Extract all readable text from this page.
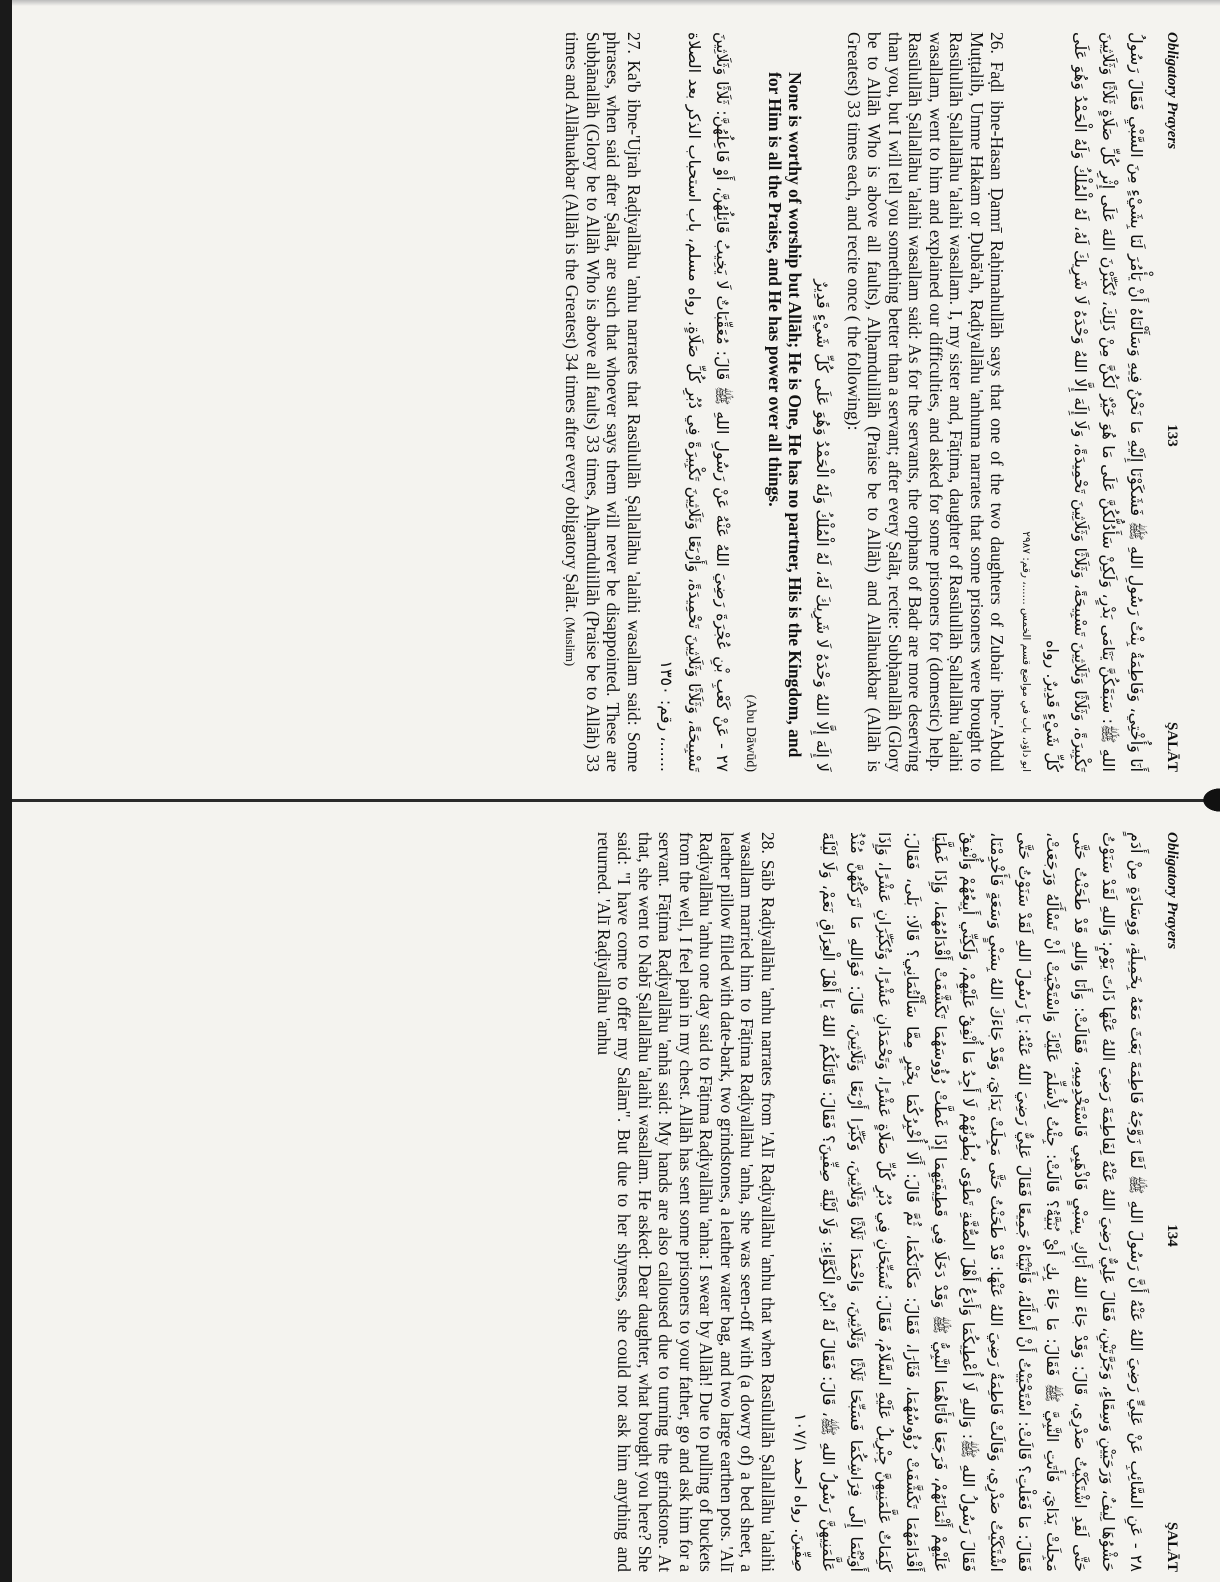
Obligatory Prayers
133
ŞALĀT
أَنَا وَأُخْتِي، وَفَاطِمَةُ بِنْتُ رَسُولِ اللهِ ﷺ فَشَكَوْنَا إِلَيْهِ مَا نَحْنُ فِيهِ وَسَأَلْنَاهُ أَنْ يَأْمُرَ لَنَا بِشَيْءٍ مِنَ السَّبْيِ فَقَالَ رَسُولُ اللهِ ﷺ: سَبَقَكُنَّ يَتَامَى بَدْرٍ، وَلَكِنْ سَأَدُلُّكُنَّ عَلَى مَا هُوَ خَيْرٌ لَكُنَّ مِنْ ذَلِكَ، تُكَبِّرْنَ اللهَ عَلَى إِثْرِ كُلِّ صَلَاةٍ ثَلَاثًا وَثَلَاثِينَ تَكْبِيرَةً، وَثَلَاثًا وَثَلَاثِينَ تَسْبِيحَةً، وَثَلَاثًا وَثَلَاثِينَ تَحْمِيدَةً، وَلَا إِلَهَ إِلَّا اللهُ وَحْدَهُ لَا شَرِيكَ لَهُ، لَهُ الْمُلْكُ وَلَهُ الْحَمْدُ وَهُوَ عَلَى كُلِّ شَيْءٍ قَدِيرٌ. رواه
ابو داؤد، باب في مواضع قسم الخمس ......، رقم: ٢٩٨٧
26. Faḍl ibne-Hasan Ḍamrī Raḥimahullāh says that one of the two daughters of Zubair ibne-'Abdul Muṭṭalib, Umme Hakam or Ḍubā'ah, Raḍiyallāhu 'anhuma narrates that some prisoners were brought to Rasūlullāh Ṣallallāhu 'alaihi wasallam. I, my sister and, Fāṭima, daughter of Rasūlullāh Ṣallallāhu 'alaihi wasallam, went to him and explained our difficulties, and asked for some prisoners for (domestic) help. Rasūlullāh Ṣallallāhu 'alaihi wasallam said: As for the servants, the orphans of Badr are more deserving than you, but I will tell you something better than a servant; after every Ṣalāt, recite: Subḥānallāh (Glory be to Allāh Who is above all faults), Alḥamdulillāh (Praise be to Allāh) and Allāhuakbar (Allāh is Greatest) 33 times each, and recite once ( the following):
لَا إِلَهَ إِلَّا اللهُ وَحْدَهُ لَا شَرِيكَ لَهُ، لَهُ الْمُلْكُ وَلَهُ الْحَمْدُ وَهُوَ عَلَى كُلِّ شَيْءٍ قَدِيرٌ
None is worthy of worship but Allāh; He is One, He has no partner, His is the Kingdom, and for Him is all the Praise, and He has power over all things.
(Abu Dāwūd)
٢٧ - عَنْ كَعْبِ بْنِ عُجْرَةَ رَضِيَ اللهُ عَنْهُ عَنْ رَسُولِ اللهِ ﷺ قَالَ: مُعَقِّبَاتٌ لَا يَخِيبُ قَائِلُهُنَّ، أَوْ فَاعِلُهُنَّ: ثَلَاثًا وَثَلَاثِينَ تَسْبِيحَةً، وَثَلَاثًا وَثَلَاثِينَ تَحْمِيدَةً، وَأَرْبَعًا وَثَلَاثِينَ تَكْبِيرَةً فِي دُبُرِ كُلِّ صَلَاةٍ. رواه مسلم، باب استحباب الذكر بعد الصلاة ......، رقم: ١٣٥٠
27. Ka'b ibne-'Ujrah Raḍiyallāhu 'anhu narrates that Rasūlullāh Ṣallallāhu 'alaihi wasallam said: Some phrases, when said after Ṣalāt, are such that whoever says them will never be disappointed. These are Subḥānallāh (Glory be to Allāh Who is above all faults) 33 times, Alḥamdulillāh (Praise be to Allāh) 33 times and Allāhuakbar (Allāh is the Greatest) 34 times after every obligatory Ṣalāt. (Muslim)
Obligatory Prayers
134
ŞALĀT
٢٨ - عَنِ السَّائِبِ عَنْ عَلِيٍّ رَضِيَ اللهُ عَنْهُ أَنَّ رَسُولَ اللهِ ﷺ لَمَّا زَوَّجَهُ فَاطِمَةَ بَعَثَ مَعَهُ بِخَمِيلَةٍ، وَوِسَادَةٍ مِنْ أَدَمٍ حَشْوُهَا لِيفٌ، وَرَحَيَيْنِ وَسِقَاءٍ، وَجَرَّتَيْنِ، فَقَالَ عَلِيٌّ رَضِيَ اللهُ عَنْهُ لِفَاطِمَةَ رَضِيَ اللهُ عَنْهَا ذَاتَ يَوْمٍ: وَاللهِ لَقَدْ سَنَوْتُ حَتَّى لَقَدِ اشْتَكَيْتُ صَدْرِي، قَالَ: وَقَدْ جَاءَ اللهُ أَبَاكِ بِسَبْيٍ فَاذْهَبِي فَاسْتَخْدِمِيهِ، فَقَالَتْ: وَأَنَا وَاللهِ قَدْ طَحَنْتُ حَتَّى مَجِلَتْ يَدَايَ، فَأَتَتِ النَّبِيَّ ﷺ فَقَالَ: مَا جَاءَ بِكِ أَيْ بُنَيَّةُ؟ قَالَتْ: جِئْتُ لِأُسَلِّمَ عَلَيْكَ وَاسْتَحْيَتْ أَنْ تَسْأَلَهُ وَرَجَعَتْ، فَقَالَ: مَا فَعَلْتِ؟ قَالَتْ: اسْتَحْيَيْتُ أَنْ أَسْأَلَهُ، فَأَتَيْنَاهُ جَمِيعًا فَقَالَ عَلِيٌّ رَضِيَ اللهُ عَنْهُ: يَا رَسُولَ اللهِ لَقَدْ سَنَوْتُ حَتَّى اشْتَكَيْتُ صَدْرِي، وَقَالَتْ فَاطِمَةُ رَضِيَ اللهُ عَنْهَا: قَدْ طَحَنْتُ حَتَّى مَجِلَتْ يَدَايَ، وَقَدْ جَاءَكَ اللهُ بِسَبْيٍ وَسَعَةٍ فَأَخْدِمْنَا، فَقَالَ رَسُولُ اللهِ ﷺ: وَاللهِ لَا أُعْطِيكُمَا وَأَدَعُ أَهْلَ الصُّفَّةِ تَطْوَى بُطُونُهُمْ لَا أَجِدُ مَا أُنْفِقُ عَلَيْهِمْ، وَلَكِنِّي أَبِيعُهُمْ وَأُنْفِقُ عَلَيْهِمْ أَثْمَانَهُمْ، فَرَجَعَا فَأَتَاهُمَا النَّبِيُّ ﷺ وَقَدْ دَخَلَا فِي قَطِيفَتِهِمَا إِذَا غَطَّتْ رُؤُوسَهُمَا تَكَشَّفَتْ أَقْدَامُهُمَا، وَإِذَا غَطَّيَا أَقْدَامَهُمَا تَكَشَّفَتْ رُؤُوسُهُمَا، فَثَارَا، فَقَالَ: مَكَانَكُمَا، ثُمَّ قَالَ: أَلَا أُخْبِرُكُمَا بِخَيْرٍ مِمَّا سَأَلْتُمَانِي؟ قَالَا: بَلَى، فَقَالَ: كَلِمَاتٌ عَلَّمَنِيهِنَّ جِبْرِيلُ عَلَيْهِ السَّلَامُ، فَقَالَ: تُسَبِّحَانِ فِي دُبُرِ كُلِّ صَلَاةٍ عَشْرًا، وَتَحْمَدَانِ عَشْرًا، وَتُكَبِّرَانِ عَشْرًا، وَإِذَا أَوَيْتُمَا إِلَى فِرَاشِكُمَا فَسَبِّحَا ثَلَاثًا وَثَلَاثِينَ، وَاحْمَدَا ثَلَاثًا وَثَلَاثِينَ، وَكَبِّرَا أَرْبَعًا وَثَلَاثِينَ، قَالَ: فَوَاللهِ مَا تَرَكْتُهُنَّ مُنْذُ عَلَّمَنِيهِنَّ رَسُولُ اللهِ ﷺ، قَالَ: فَقَالَ لَهُ ابْنُ الْكَوَّاءِ: وَلَا لَيْلَةَ صِفِّينَ؟ فَقَالَ: قَاتَلَكُمُ اللهُ يَا أَهْلَ الْعِرَاقِ نَعَمْ، وَلَا لَيْلَةَ صِفِّينَ. رواه احمد ١٠٧/١
28. Sāib Raḍiyallāhu 'anhu narrates from 'Alī Raḍiyallāhu 'anhu that when Rasūlullāh Ṣallallāhu 'alaihi wasallam married him to Fāṭima Raḍiyallāhu 'anha, she was seen-off with (a dowry of) a bed sheet, a leather pillow filled with date-bark, two grindstones, a leather water bag, and two large earthen pots. 'Alī Raḍiyallāhu 'anhu one day said to Fāṭima Raḍiyallāhu 'anha: I swear by Allāh! Due to pulling of buckets from the well, I feel pain in my chest. Allāh has sent some prisoners to your father, go and ask him for a servant. Fāṭima Raḍiyallāhu 'anhā said: My hands are also calloused due to turning the grindstone. At that, she went to Nabī Ṣallallāhu 'alaihi wasallam. He asked: Dear daughter, what brought you here? She said: "I have come to offer my Salām". But due to her shyness, she could not ask him anything and returned. 'Alī Raḍiyallāhu 'anhu
